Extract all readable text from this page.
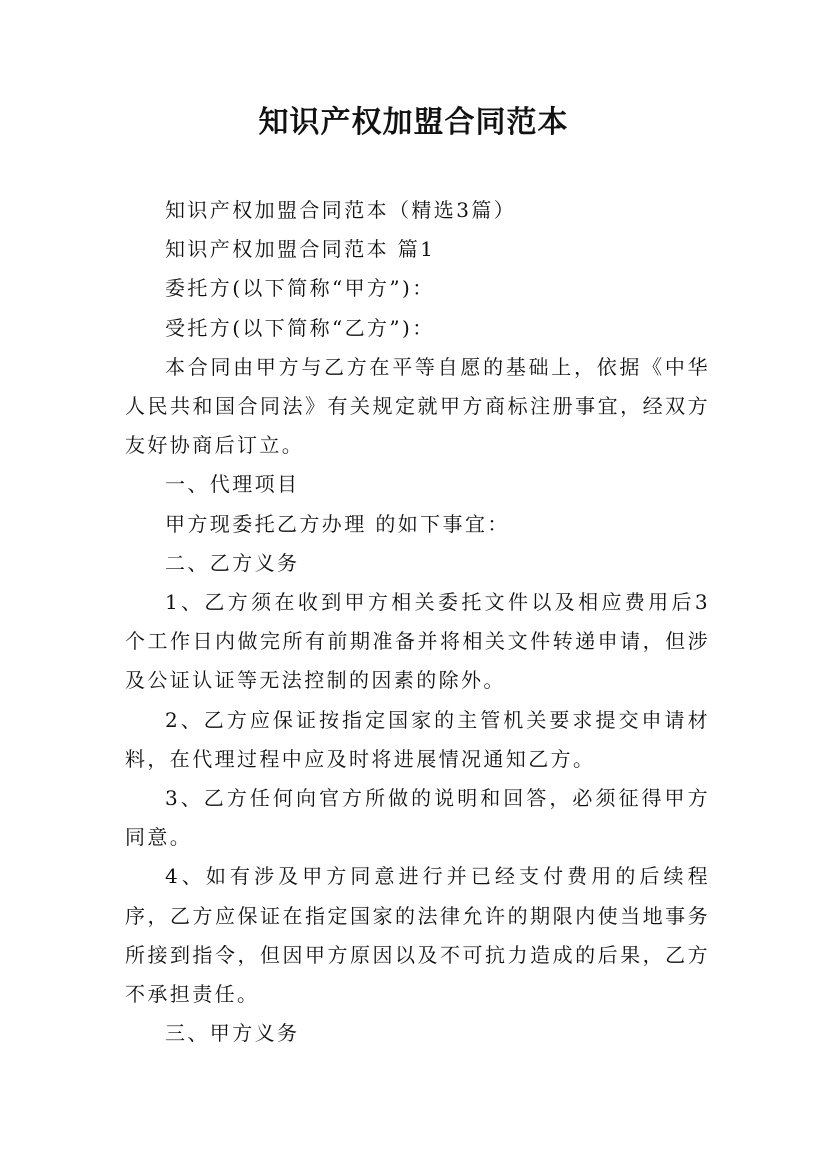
知识产权加盟合同范本

知识产权加盟合同范本（精选3篇）

知识产权加盟合同范本 篇1

委托方(以下简称“甲方”)：

受托方(以下简称“乙方”)：

本合同由甲方与乙方在平等自愿的基础上，依据《中华人民共和国合同法》有关规定就甲方商标注册事宜，经双方友好协商后订立。

一、代理项目

甲方现委托乙方办理 的如下事宜：

二、乙方义务

1、乙方须在收到甲方相关委托文件以及相应费用后3个工作日内做完所有前期准备并将相关文件转递申请，但涉及公证认证等无法控制的因素的除外。

2、乙方应保证按指定国家的主管机关要求提交申请材料，在代理过程中应及时将进展情况通知乙方。

3、乙方任何向官方所做的说明和回答，必须征得甲方同意。

4、如有涉及甲方同意进行并已经支付费用的后续程序，乙方应保证在指定国家的法律允许的期限内使当地事务所接到指令，但因甲方原因以及不可抗力造成的后果，乙方不承担责任。

三、甲方义务
